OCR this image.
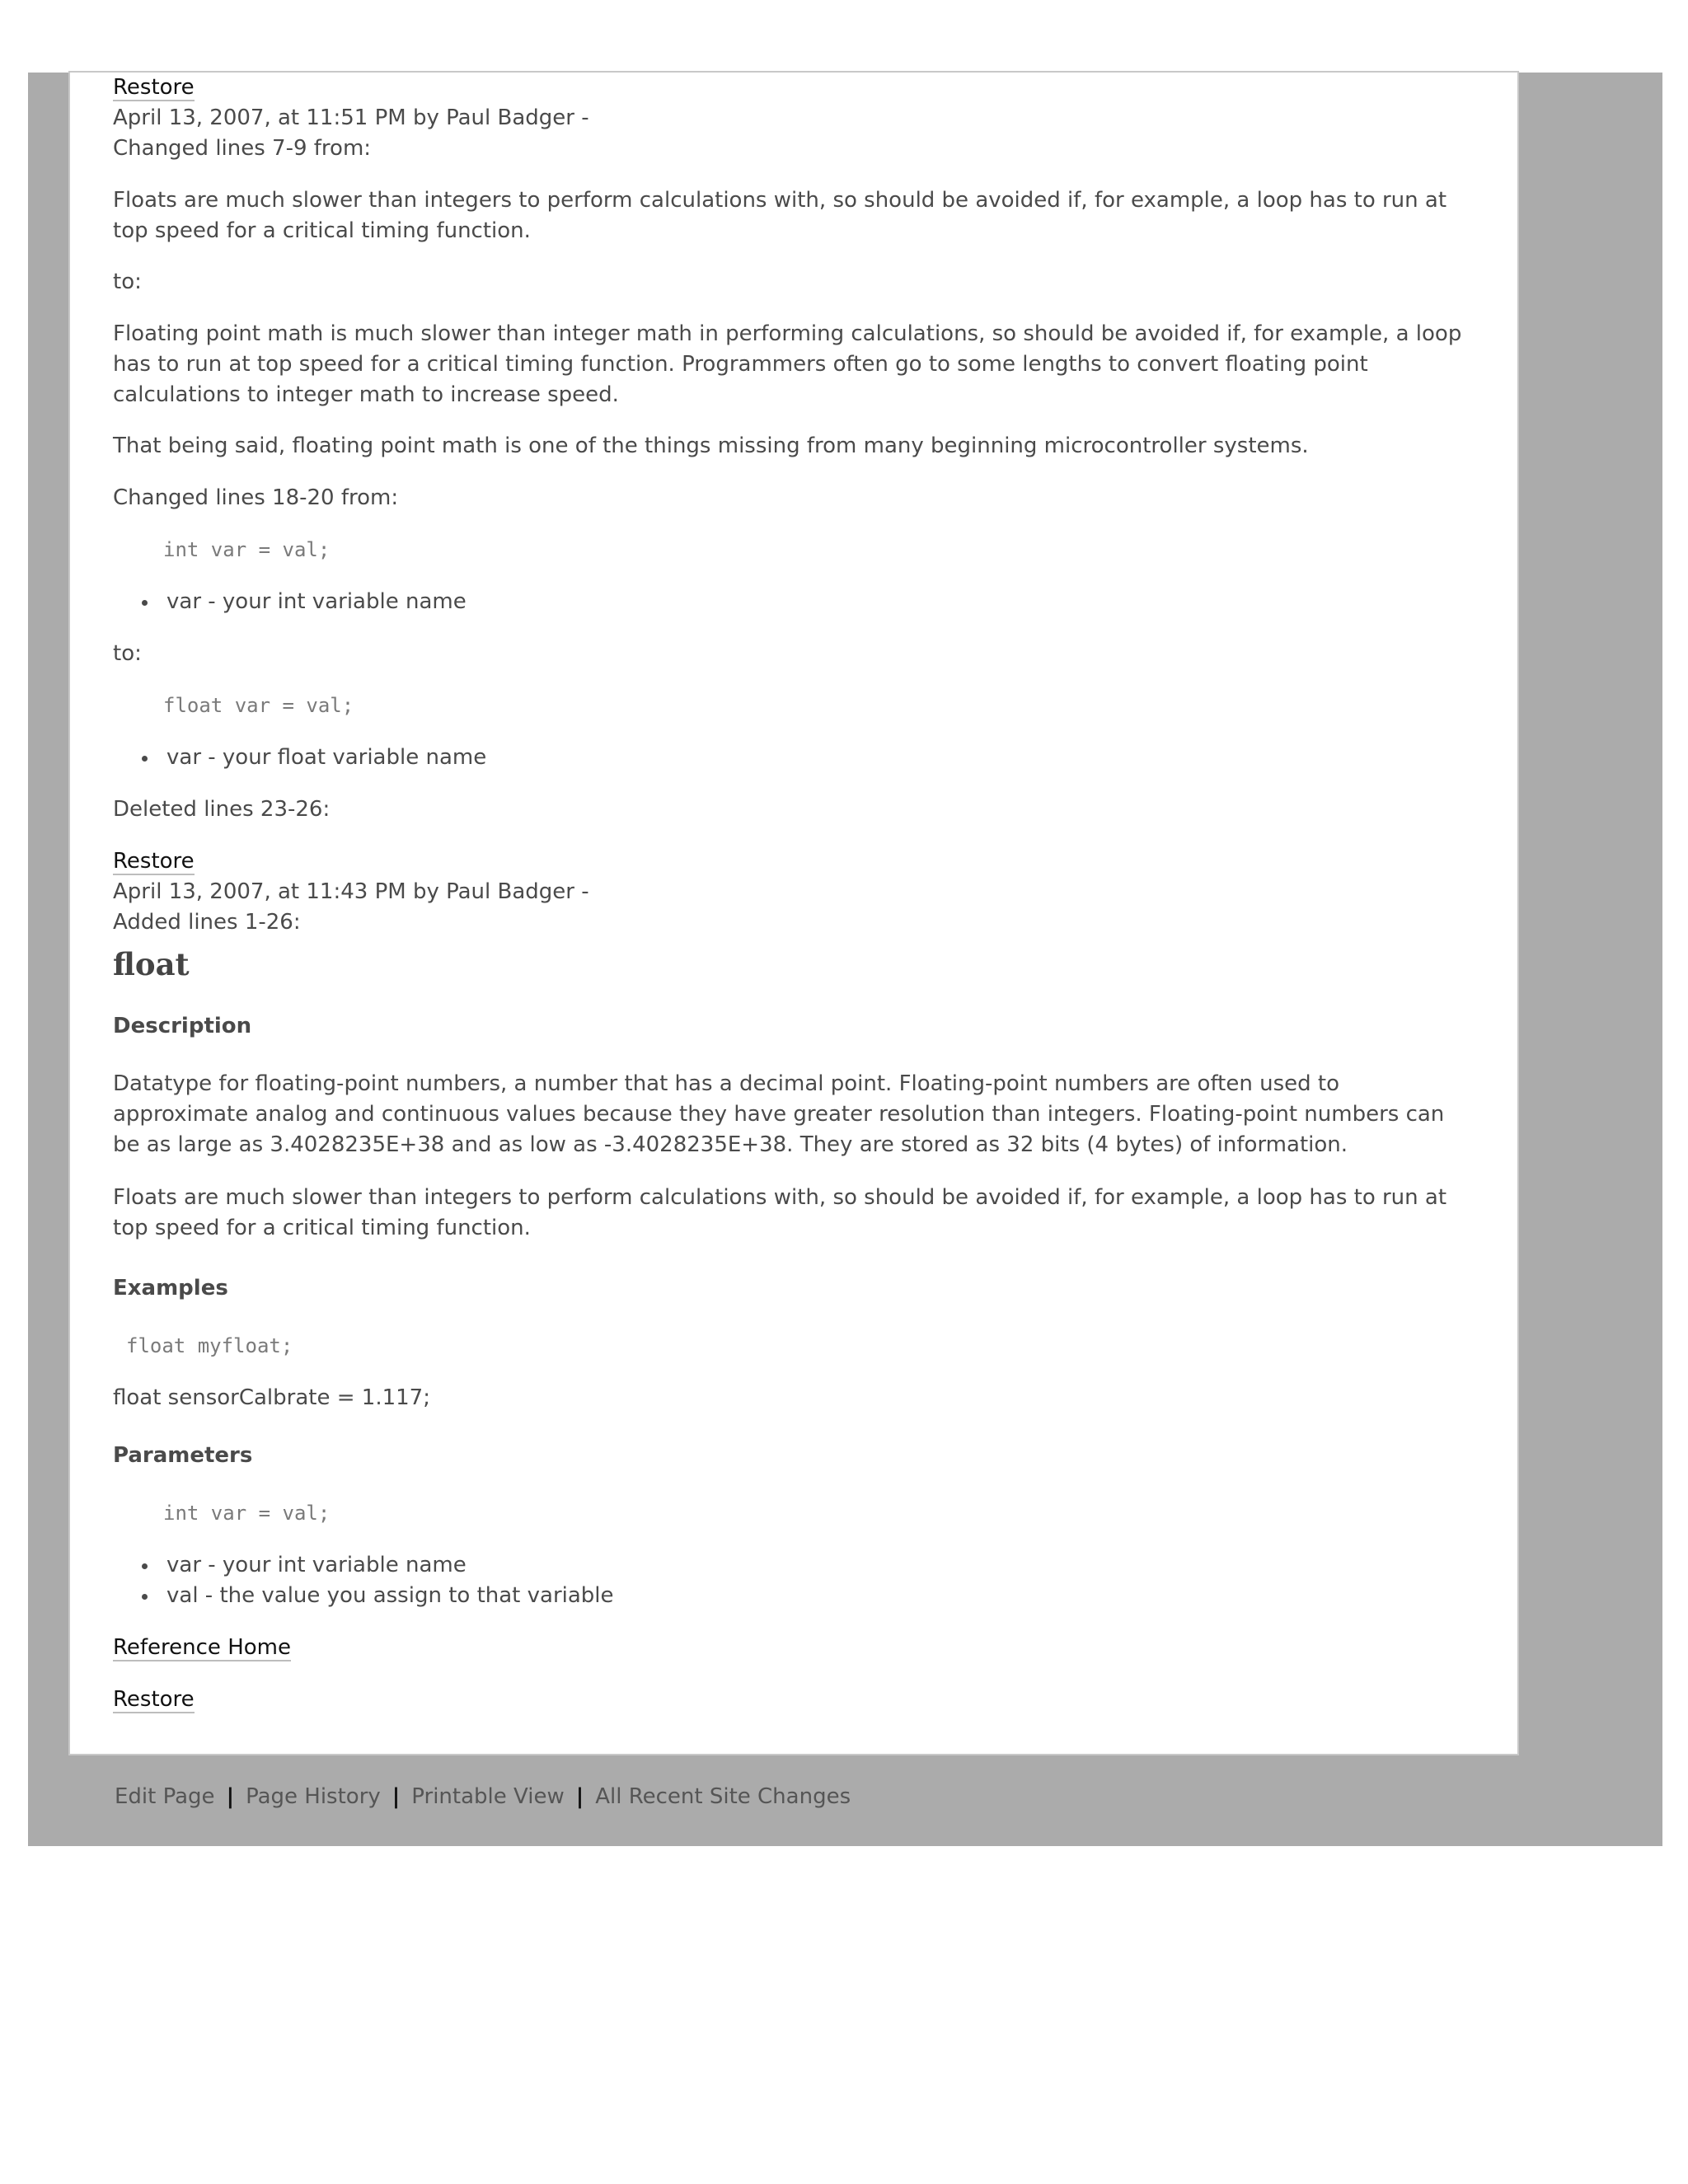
Restore
April 13, 2007, at 11:51 PM by Paul Badger -
Changed lines 7-9 from:
Floats are much slower than integers to perform calculations with, so should be avoided if, for example, a loop has to run at top speed for a critical timing function.
to:
Floating point math is much slower than integer math in performing calculations, so should be avoided if, for example, a loop has to run at top speed for a critical timing function. Programmers often go to some lengths to convert floating point calculations to integer math to increase speed.
That being said, floating point math is one of the things missing from many beginning microcontroller systems.
Changed lines 18-20 from:
int var = val;
var - your int variable name
to:
float var = val;
var - your float variable name
Deleted lines 23-26:
Restore
April 13, 2007, at 11:43 PM by Paul Badger -
Added lines 1-26:
float
Description
Datatype for floating-point numbers, a number that has a decimal point. Floating-point numbers are often used to approximate analog and continuous values because they have greater resolution than integers. Floating-point numbers can be as large as 3.4028235E+38 and as low as -3.4028235E+38. They are stored as 32 bits (4 bytes) of information.
Floats are much slower than integers to perform calculations with, so should be avoided if, for example, a loop has to run at top speed for a critical timing function.
Examples
float myfloat;
float sensorCalbrate = 1.117;
Parameters
int var = val;
var - your int variable name
val - the value you assign to that variable
Reference Home
Restore
Edit Page | Page History | Printable View | All Recent Site Changes
